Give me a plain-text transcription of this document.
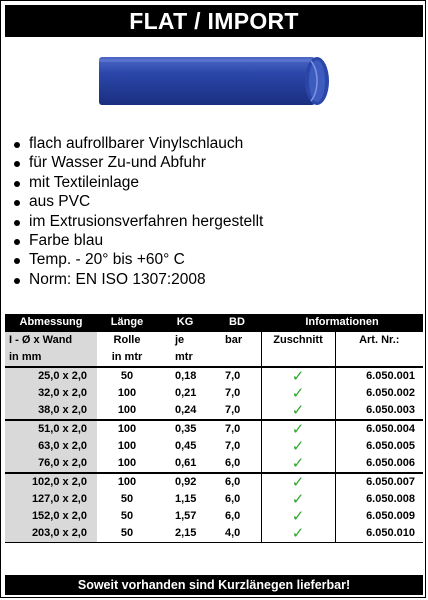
FLAT / IMPORT
flach aufrollbarer Vinylschlauch
für Wasser Zu-und Abfuhr
mit Textileinlage
aus PVC
im Extrusionsverfahren hergestellt
Farbe blau
Temp. - 20° bis +60° C
Norm: EN ISO 1307:2008
Abmessung	Länge	KG	BD	Informationen	
I - Ø x Wand	Rolle	je	bar	Zuschnitt	Art. Nr.:
in mm	in mtr	mtr			
25,0 x 2,0	50	0,18	7,0	✓	6.050.001
32,0 x 2,0	100	0,21	7,0	✓	6.050.002
38,0 x 2,0	100	0,24	7,0	✓	6.050.003
51,0 x 2,0	100	0,35	7,0	✓	6.050.004
63,0 x 2,0	100	0,45	7,0	✓	6.050.005
76,0 x 2,0	100	0,61	6,0	✓	6.050.006
102,0 x 2,0	100	0,92	6,0	✓	6.050.007
127,0 x 2,0	50	1,15	6,0	✓	6.050.008
152,0 x 2,0	50	1,57	6,0	✓	6.050.009
203,0 x 2,0	50	2,15	4,0	✓	6.050.010
Soweit vorhanden sind Kurzlänegen lieferbar!
